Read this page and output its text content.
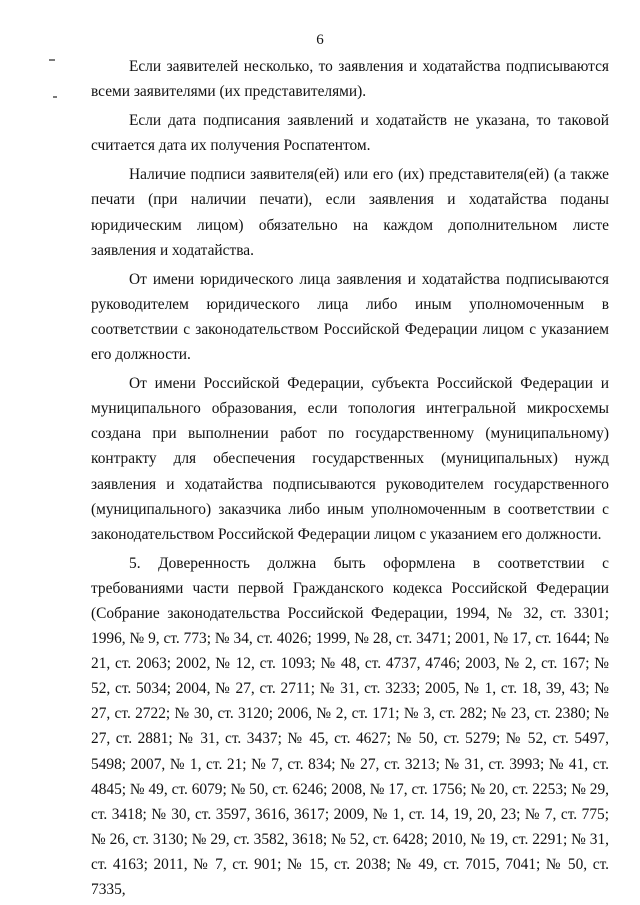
6

Если заявителей несколько, то заявления и ходатайства подписываются всеми заявителями (их представителями).

Если дата подписания заявлений и ходатайств не указана, то таковой считается дата их получения Роспатентом.

Наличие подписи заявителя(ей) или его (их) представителя(ей) (а также печати (при наличии печати), если заявления и ходатайства поданы юридическим лицом) обязательно на каждом дополнительном листе заявления и ходатайства.

От имени юридического лица заявления и ходатайства подписываются руководителем юридического лица либо иным уполномоченным в соответствии с законодательством Российской Федерации лицом с указанием его должности.

От имени Российской Федерации, субъекта Российской Федерации и муниципального образования, если топология интегральной микросхемы создана при выполнении работ по государственному (муниципальному) контракту для обеспечения государственных (муниципальных) нужд заявления и ходатайства подписываются руководителем государственного (муниципального) заказчика либо иным уполномоченным в соответствии с законодательством Российской Федерации лицом с указанием его должности.

5. Доверенность должна быть оформлена в соответствии с требованиями части первой Гражданского кодекса Российской Федерации (Собрание законодательства Российской Федерации, 1994, № 32, ст. 3301; 1996, № 9, ст. 773; № 34, ст. 4026; 1999, № 28, ст. 3471; 2001, № 17, ст. 1644; № 21, ст. 2063; 2002, № 12, ст. 1093; № 48, ст. 4737, 4746; 2003, № 2, ст. 167; № 52, ст. 5034; 2004, № 27, ст. 2711; № 31, ст. 3233; 2005, № 1, ст. 18, 39, 43; № 27, ст. 2722; № 30, ст. 3120; 2006, № 2, ст. 171; № 3, ст. 282; № 23, ст. 2380; № 27, ст. 2881; № 31, ст. 3437; № 45, ст. 4627; № 50, ст. 5279; № 52, ст. 5497, 5498; 2007, № 1, ст. 21; № 7, ст. 834; № 27, ст. 3213; № 31, ст. 3993; № 41, ст. 4845; № 49, ст. 6079; № 50, ст. 6246; 2008, № 17, ст. 1756; № 20, ст. 2253; № 29, ст. 3418; № 30, ст. 3597, 3616, 3617; 2009, № 1, ст. 14, 19, 20, 23; № 7, ст. 775; № 26, ст. 3130; № 29, ст. 3582, 3618; № 52, ст. 6428; 2010, № 19, ст. 2291; № 31, ст. 4163; 2011, № 7, ст. 901; № 15, ст. 2038; № 49, ст. 7015, 7041; № 50, ст. 7335,
